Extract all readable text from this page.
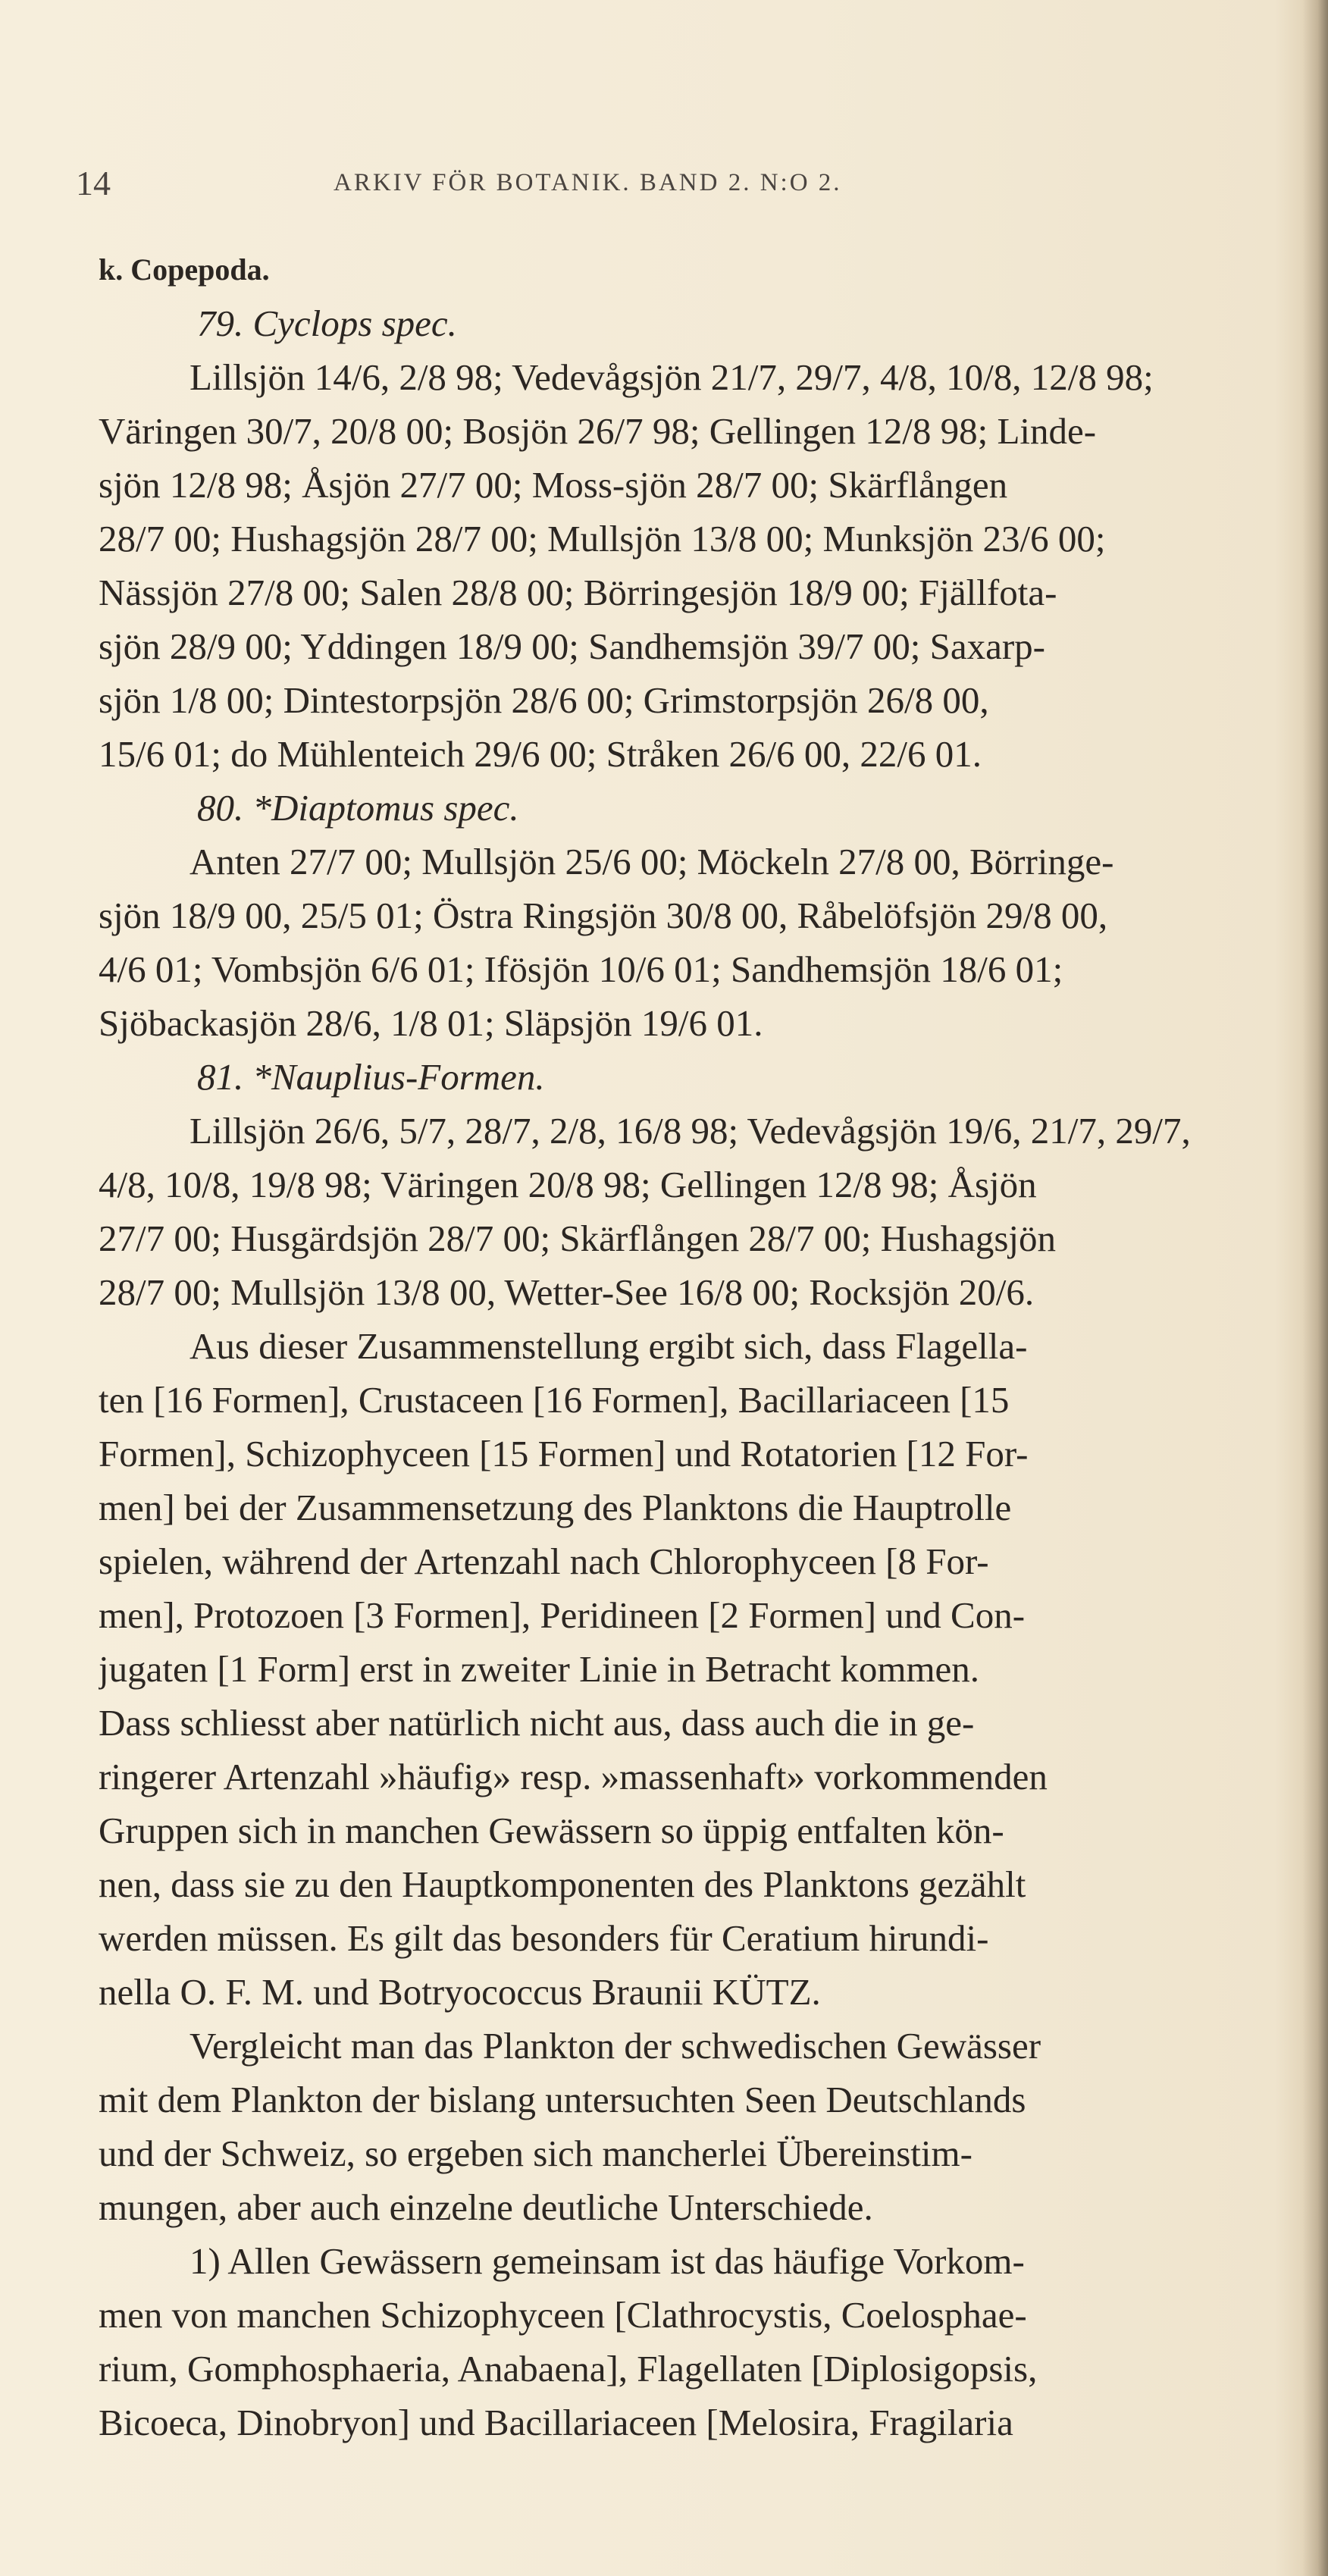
14	ARKIV FÖR BOTANIK. BAND 2. N:O 2.
k. Copepoda.
79. Cyclops spec.
Lillsjön 14/6, 2/8 98; Vedevågsjön 21/7, 29/7, 4/8, 10/8, 12/8 98;
Väringen 30/7, 20/8 00; Bosjön 26/7 98; Gellingen 12/8 98; Linde-
sjön 12/8 98; Åsjön 27/7 00; Moss-sjön 28/7 00; Skärflången
28/7 00; Hushagsjön 28/7 00; Mullsjön 13/8 00; Munksjön 23/6 00;
Nässjön 27/8 00; Salen 28/8 00; Börringesjön 18/9 00; Fjällfota-
sjön 28/9 00; Yddingen 18/9 00; Sandhemsjön 39/7 00; Saxarp-
sjön 1/8 00; Dintestorpsjön 28/6 00; Grimstorpsjön 26/8 00,
15/6 01; do Mühlenteich 29/6 00; Stråken 26/6 00, 22/6 01.
80. *Diaptomus spec.
Anten 27/7 00; Mullsjön 25/6 00; Möckeln 27/8 00, Börringe-
sjön 18/9 00, 25/5 01; Östra Ringsjön 30/8 00, Råbelöfsjön 29/8 00,
4/6 01; Vombsjön 6/6 01; Ifösjön 10/6 01; Sandhemsjön 18/6 01;
Sjöbackasjön 28/6, 1/8 01; Släpsjön 19/6 01.
81. *Nauplius-Formen.
Lillsjön 26/6, 5/7, 28/7, 2/8, 16/8 98; Vedevågsjön 19/6, 21/7, 29/7,
4/8, 10/8, 19/8 98; Väringen 20/8 98; Gellingen 12/8 98; Åsjön
27/7 00; Husgärdsjön 28/7 00; Skärflången 28/7 00; Hushagsjön
28/7 00; Mullsjön 13/8 00, Wetter-See 16/8 00; Rocksjön 20/6.
Aus dieser Zusammenstellung ergibt sich, dass Flagella-
ten [16 Formen], Crustaceen [16 Formen], Bacillariaceen [15
Formen], Schizophyceen [15 Formen] und Rotatorien [12 For-
men] bei der Zusammensetzung des Planktons die Hauptrolle
spielen, während der Artenzahl nach Chlorophyceen [8 For-
men], Protozoen [3 Formen], Peridineen [2 Formen] und Con-
jugaten [1 Form] erst in zweiter Linie in Betracht kommen.
Dass schliesst aber natürlich nicht aus, dass auch die in ge-
ringerer Artenzahl »häufig» resp. »massenhaft» vorkommenden
Gruppen sich in manchen Gewässern so üppig entfalten kön-
nen, dass sie zu den Hauptkomponenten des Planktons gezählt
werden müssen. Es gilt das besonders für Ceratium hirundi-
nella O. F. M. und Botryococcus Braunii KÜTZ.
Vergleicht man das Plankton der schwedischen Gewässer
mit dem Plankton der bislang untersuchten Seen Deutschlands
und der Schweiz, so ergeben sich mancherlei Übereinstim-
mungen, aber auch einzelne deutliche Unterschiede.
1) Allen Gewässern gemeinsam ist das häufige Vorkom-
men von manchen Schizophyceen [Clathrocystis, Coelosphae-
rium, Gomphosphaeria, Anabaena], Flagellaten [Diplosigopsis,
Bicoeca, Dinobryon] und Bacillariaceen [Melosira, Fragilaria
